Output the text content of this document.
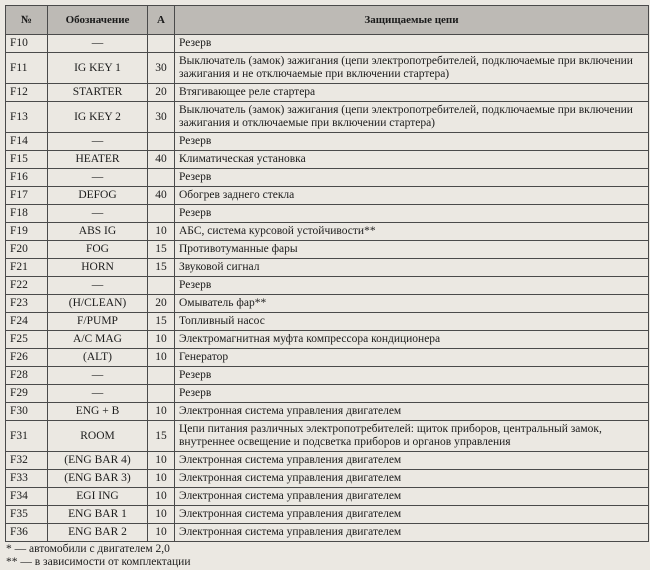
№	Обозначение	А	Защищаемые цепи
F10	—		Резерв
F11	IG KEY 1	30	Выключатель (замок) зажигания (цепи электропотребителей, подключаемые при включении зажигания и не отключаемые при включении стартера)
F12	STARTER	20	Втягивающее реле стартера
F13	IG KEY 2	30	Выключатель (замок) зажигания (цепи электропотребителей, подключаемые при включении зажигания и отключаемые при включении стартера)
F14	—		Резерв
F15	HEATER	40	Климатическая установка
F16	—		Резерв
F17	DEFOG	40	Обогрев заднего стекла
F18	—		Резерв
F19	ABS IG	10	АБС, система курсовой устойчивости**
F20	FOG	15	Противотуманные фары
F21	HORN	15	Звуковой сигнал
F22	—		Резерв
F23	(H/CLEAN)	20	Омыватель фар**
F24	F/PUMP	15	Топливный насос
F25	A/C MAG	10	Электромагнитная муфта компрессора кондиционера
F26	(ALT)	10	Генератор
F28	—		Резерв
F29	—		Резерв
F30	ENG + B	10	Электронная система управления двигателем
F31	ROOM	15	Цепи питания различных электропотребителей: щиток приборов, центральный замок, внутреннее освещение и подсветка приборов и органов управления
F32	(ENG BAR 4)	10	Электронная система управления двигателем
F33	(ENG BAR 3)	10	Электронная система управления двигателем
F34	EGI ING	10	Электронная система управления двигателем
F35	ENG BAR 1	10	Электронная система управления двигателем
F36	ENG BAR 2	10	Электронная система управления двигателем
* — автомобили с двигателем 2,0
** — в зависимости от комплектации
